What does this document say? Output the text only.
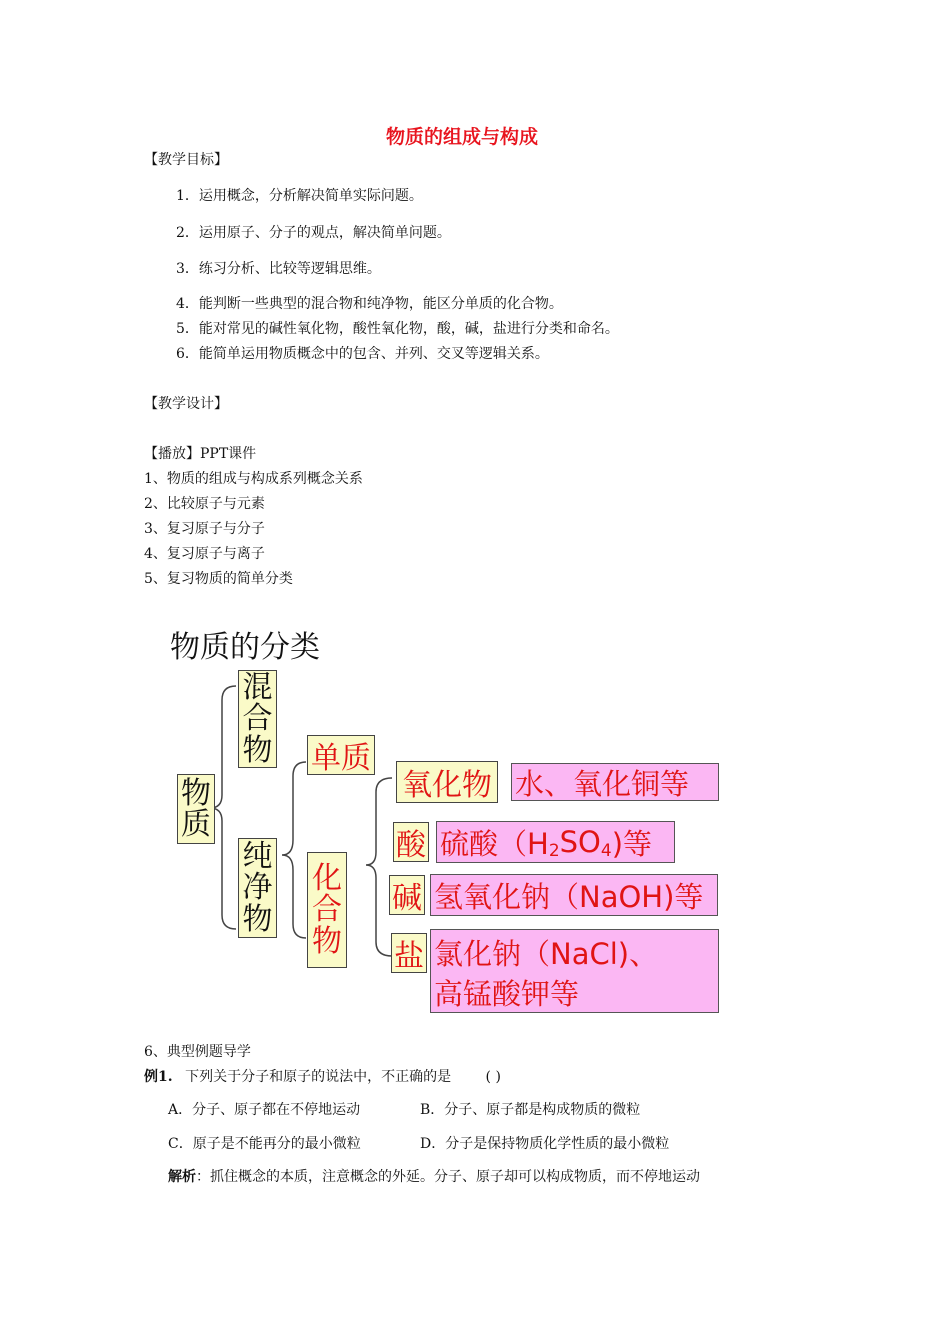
物质的组成与构成
【教学目标】
1．运用概念，分析解决简单实际问题。
2．运用原子、分子的观点，解决简单问题。
3．练习分析、比较等逻辑思维。
4．能判断一些典型的混合物和纯净物，能区分单质的化合物。
5．能对常见的碱性氧化物，酸性氧化物，酸，碱，盐进行分类和命名。
6．能简单运用物质概念中的包含、并列、交叉等逻辑关系。
【教学设计】
【播放】PPT课件
1、物质的组成与构成系列概念关系
2、比较原子与元素
3、复习原子与分子
4、复习原子与离子
5、复习物质的简单分类
物质的分类
物
质
混
合
物
纯
净
物
单质
化
合
物
氧化物 水、氧化铜等
酸 硫酸（H 2 SO 4 )等
碱 氢氧化钠（NaOH)等
盐 氯化钠（NaCl)、
高锰酸钾等
6、典型例题导学
例1. 下列关于分子和原子的说法中，不正确的是 ( )
A．分子、原子都在不停地运动	B．分子、原子都是构成物质的微粒
C．原子是不能再分的最小微粒	D．分子是保持物质化学性质的最小微粒
解析：抓住概念的本质，注意概念的外延。分子、原子却可以构成物质，而不停地运动
